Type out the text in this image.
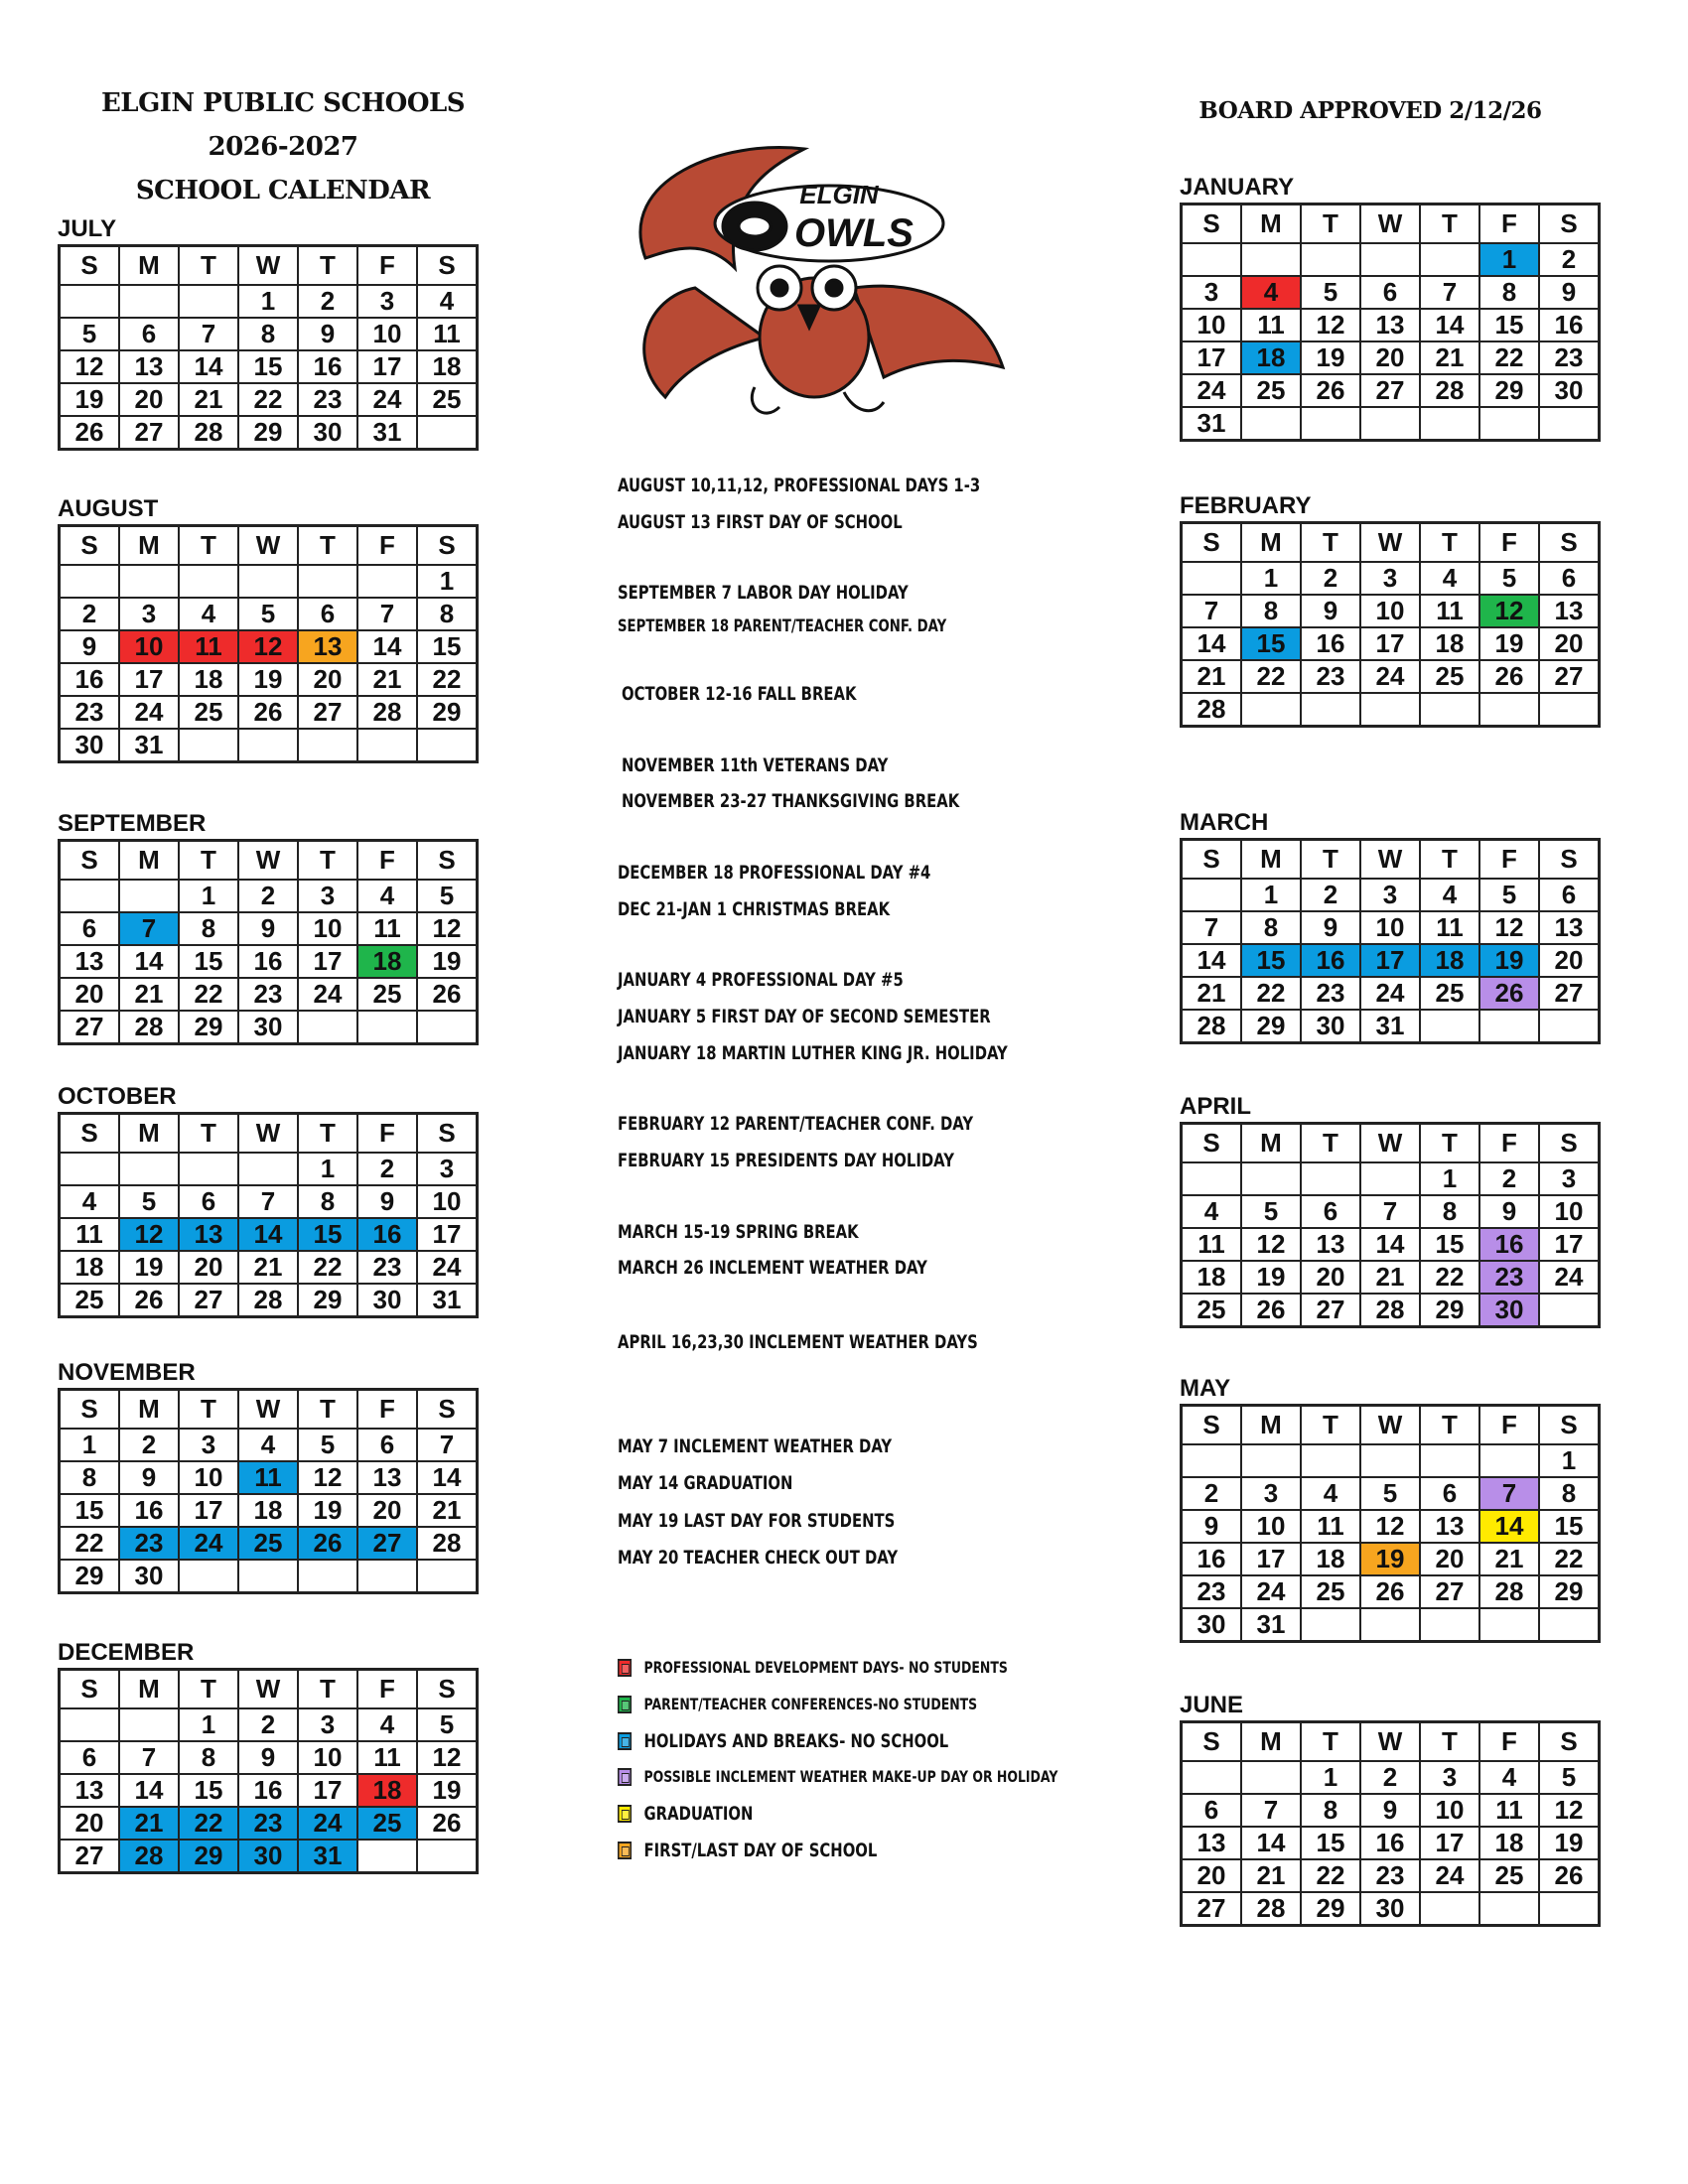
ELGIN PUBLIC SCHOOLS
2026-2027
SCHOOL CALENDAR
BOARD APPROVED 2/12/26
ELGIN
OWLS
JULY
S	M	T	W	T	F	S
			1	2	3	4
5	6	7	8	9	10	11
12	13	14	15	16	17	18
19	20	21	22	23	24	25
26	27	28	29	30	31	
AUGUST
S	M	T	W	T	F	S
						1
2	3	4	5	6	7	8
9	10	11	12	13	14	15
16	17	18	19	20	21	22
23	24	25	26	27	28	29
30	31					
SEPTEMBER
S	M	T	W	T	F	S
		1	2	3	4	5
6	7	8	9	10	11	12
13	14	15	16	17	18	19
20	21	22	23	24	25	26
27	28	29	30			
OCTOBER
S	M	T	W	T	F	S
				1	2	3
4	5	6	7	8	9	10
11	12	13	14	15	16	17
18	19	20	21	22	23	24
25	26	27	28	29	30	31
NOVEMBER
S	M	T	W	T	F	S
1	2	3	4	5	6	7
8	9	10	11	12	13	14
15	16	17	18	19	20	21
22	23	24	25	26	27	28
29	30					
DECEMBER
S	M	T	W	T	F	S
		1	2	3	4	5
6	7	8	9	10	11	12
13	14	15	16	17	18	19
20	21	22	23	24	25	26
27	28	29	30	31		
JANUARY
S	M	T	W	T	F	S
					1	2
3	4	5	6	7	8	9
10	11	12	13	14	15	16
17	18	19	20	21	22	23
24	25	26	27	28	29	30
31						
FEBRUARY
S	M	T	W	T	F	S
	1	2	3	4	5	6
7	8	9	10	11	12	13
14	15	16	17	18	19	20
21	22	23	24	25	26	27
28						
MARCH
S	M	T	W	T	F	S
	1	2	3	4	5	6
7	8	9	10	11	12	13
14	15	16	17	18	19	20
21	22	23	24	25	26	27
28	29	30	31			
APRIL
S	M	T	W	T	F	S
				1	2	3
4	5	6	7	8	9	10
11	12	13	14	15	16	17
18	19	20	21	22	23	24
25	26	27	28	29	30	
MAY
S	M	T	W	T	F	S
						1
2	3	4	5	6	7	8
9	10	11	12	13	14	15
16	17	18	19	20	21	22
23	24	25	26	27	28	29
30	31					
JUNE
S	M	T	W	T	F	S
		1	2	3	4	5
6	7	8	9	10	11	12
13	14	15	16	17	18	19
20	21	22	23	24	25	26
27	28	29	30			
AUGUST 10,11,12, PROFESSIONAL DAYS 1-3
AUGUST 13 FIRST DAY OF SCHOOL
SEPTEMBER 7 LABOR DAY HOLIDAY
SEPTEMBER 18 PARENT/TEACHER CONF. DAY
OCTOBER 12-16 FALL BREAK
NOVEMBER 11th VETERANS DAY
NOVEMBER 23-27 THANKSGIVING BREAK
DECEMBER 18 PROFESSIONAL DAY #4
DEC 21-JAN 1 CHRISTMAS BREAK
JANUARY 4 PROFESSIONAL DAY #5
JANUARY 5 FIRST DAY OF SECOND SEMESTER
JANUARY 18 MARTIN LUTHER KING JR. HOLIDAY
FEBRUARY 12 PARENT/TEACHER CONF. DAY
FEBRUARY 15 PRESIDENTS DAY HOLIDAY
MARCH 15-19 SPRING BREAK
MARCH 26 INCLEMENT WEATHER DAY
APRIL 16,23,30 INCLEMENT WEATHER DAYS
MAY 7 INCLEMENT WEATHER DAY
MAY 14 GRADUATION
MAY 19 LAST DAY FOR STUDENTS
MAY 20 TEACHER CHECK OUT DAY
PROFESSIONAL DEVELOPMENT DAYS- NO STUDENTS
PARENT/TEACHER CONFERENCES-NO STUDENTS
HOLIDAYS AND BREAKS- NO SCHOOL
POSSIBLE INCLEMENT WEATHER MAKE-UP DAY OR HOLIDAY
GRADUATION
FIRST/LAST DAY OF SCHOOL
